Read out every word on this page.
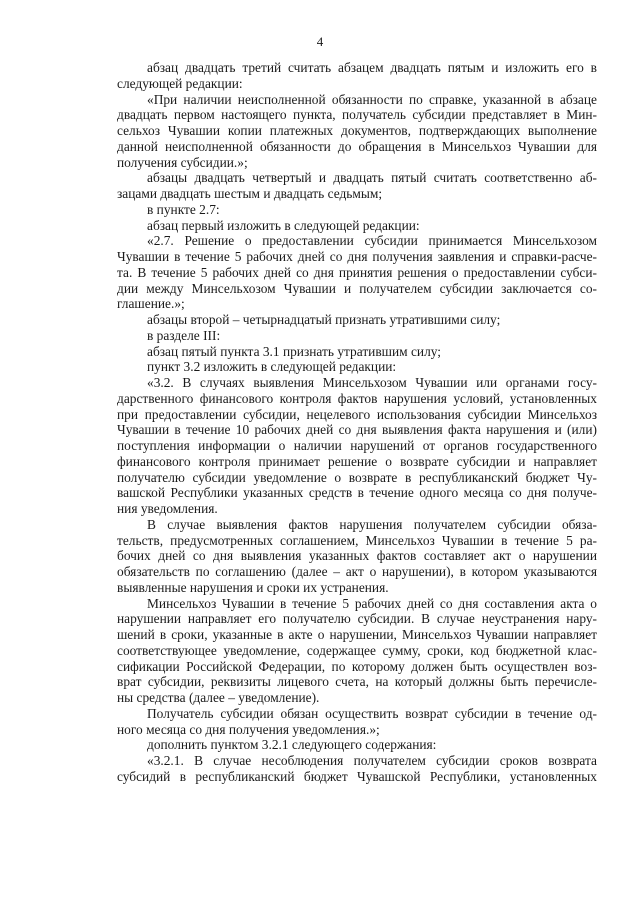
4
абзац двадцать третий считать абзацем двадцать пятым и изложить его в
следующей редакции:
«При наличии неисполненной обязанности по справке, указанной в абзаце
двадцать первом настоящего пункта, получатель субсидии представляет в Мин-
сельхоз Чувашии копии платежных документов, подтверждающих выполнение
данной неисполненной обязанности до обращения в Минсельхоз Чувашии для
получения субсидии.»;
абзацы двадцать четвертый и двадцать пятый считать соответственно аб-
зацами двадцать шестым и двадцать седьмым;
в пункте 2.7:
абзац первый изложить в следующей редакции:
«2.7. Решение о предоставлении субсидии принимается Минсельхозом
Чувашии в течение 5 рабочих дней со дня получения заявления и справки-расче-
та. В течение 5 рабочих дней со дня принятия решения о предоставлении субси-
дии между Минсельхозом Чувашии и получателем субсидии заключается со-
глашение.»;
абзацы второй – четырнадцатый признать утратившими силу;
в разделе III:
абзац пятый пункта 3.1 признать утратившим силу;
пункт 3.2 изложить в следующей редакции:
«3.2. В случаях выявления Минсельхозом Чувашии или органами госу-
дарственного финансового контроля фактов нарушения условий, установленных
при предоставлении субсидии, нецелевого использования субсидии Минсельхоз
Чувашии в течение 10 рабочих дней со дня выявления факта нарушения и (или)
поступления информации о наличии нарушений от органов государственного
финансового контроля принимает решение о возврате субсидии и направляет
получателю субсидии уведомление о возврате в республиканский бюджет Чу-
вашской Республики указанных средств в течение одного месяца со дня получе-
ния уведомления.
В случае выявления фактов нарушения получателем субсидии обяза-
тельств, предусмотренных соглашением, Минсельхоз Чувашии в течение 5 ра-
бочих дней со дня выявления указанных фактов составляет акт о нарушении
обязательств по соглашению (далее – акт о нарушении), в котором указываются
выявленные нарушения и сроки их устранения.
Минсельхоз Чувашии в течение 5 рабочих дней со дня составления акта о
нарушении направляет его получателю субсидии. В случае неустранения нару-
шений в сроки, указанные в акте о нарушении, Минсельхоз Чувашии направляет
соответствующее уведомление, содержащее сумму, сроки, код бюджетной клас-
сификации Российской Федерации, по которому должен быть осуществлен воз-
врат субсидии, реквизиты лицевого счета, на который должны быть перечисле-
ны средства (далее – уведомление).
Получатель субсидии обязан осуществить возврат субсидии в течение од-
ного месяца со дня получения уведомления.»;
дополнить пунктом 3.2.1 следующего содержания:
«3.2.1. В случае несоблюдения получателем субсидии сроков возврата
субсидий в республиканский бюджет Чувашской Республики, установленных
